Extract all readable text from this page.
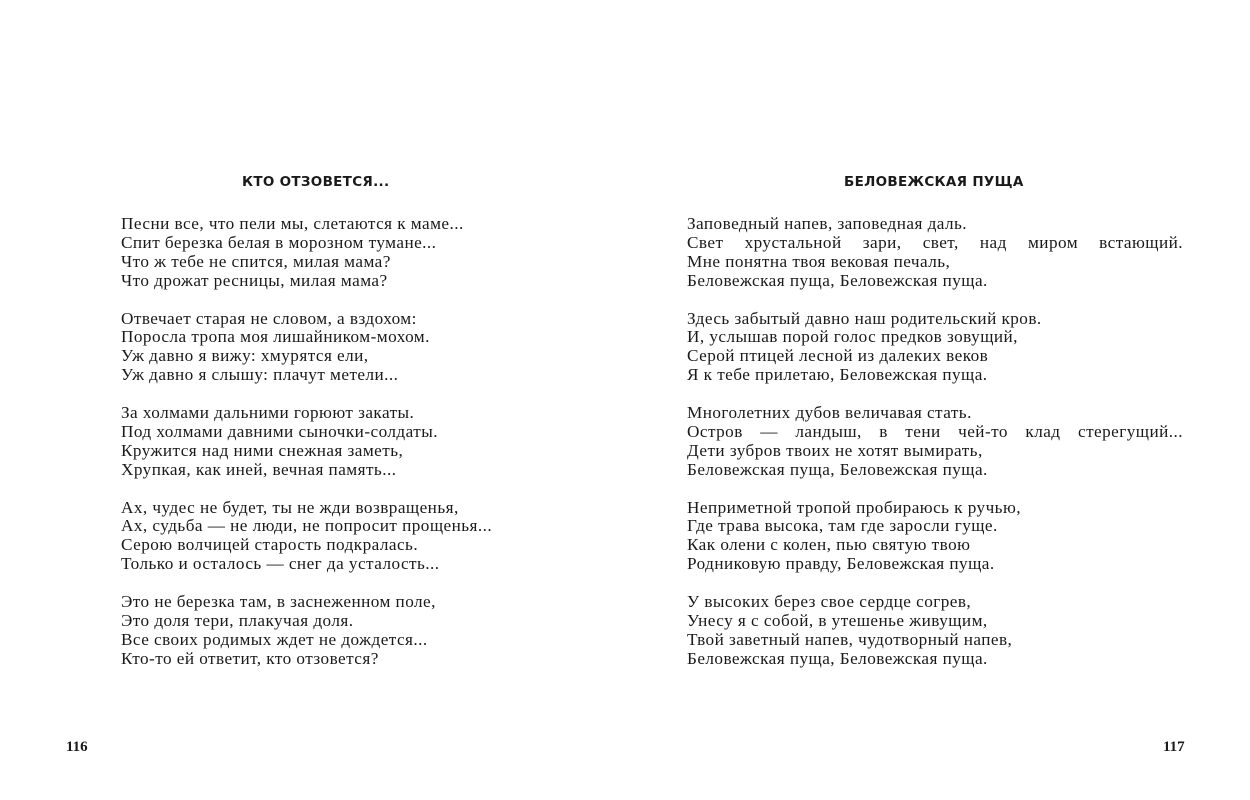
КТО ОТЗОВЕТСЯ...

Песни все, что пели мы, слетаются к маме...
Спит березка белая в морозном тумане...
Что ж тебе не спится, милая мама?
Что дрожат ресницы, милая мама?

Отвечает старая не словом, а вздохом:
Поросла тропа моя лишайником-мохом.
Уж давно я вижу: хмурятся ели,
Уж давно я слышу: плачут метели...

За холмами дальними горюют закаты.
Под холмами давними сыночки-солдаты.
Кружится над ними снежная заметь,
Хрупкая, как иней, вечная память...

Ах, чудес не будет, ты не жди возвращенья,
Ах, судьба — не люди, не попросит прощенья...
Серою волчицей старость подкралась.
Только и осталось — снег да усталость...

Это не березка там, в заснеженном поле,
Это доля тери, плакучая доля.
Все своих родимых ждет не дождется...
Кто-то ей ответит, кто отзовется?

116
БЕЛОВЕЖСКАЯ ПУЩА

Заповедный напев, заповедная даль.
Свет хрустальной зари, свет, над миром встающий.
Мне понятна твоя вековая печаль,
Беловежская пуща, Беловежская пуща.

Здесь забытый давно наш родительский кров.
И, услышав порой голос предков зовущий,
Серой птицей лесной из далеких веков
Я к тебе прилетаю, Беловежская пуща.

Многолетних дубов величавая стать.
Остров — ландыш, в тени чей-то клад стерегущий...
Дети зубров твоих не хотят вымирать,
Беловежская пуща, Беловежская пуща.

Неприметной тропой пробираюсь к ручью,
Где трава высока, там где заросли гуще.
Как олени с колен, пью святую твою
Родниковую правду, Беловежская пуща.

У высоких берез свое сердце согрев,
Унесу я с собой, в утешенье живущим,
Твой заветный напев, чудотворный напев,
Беловежская пуща, Беловежская пуща.

117
